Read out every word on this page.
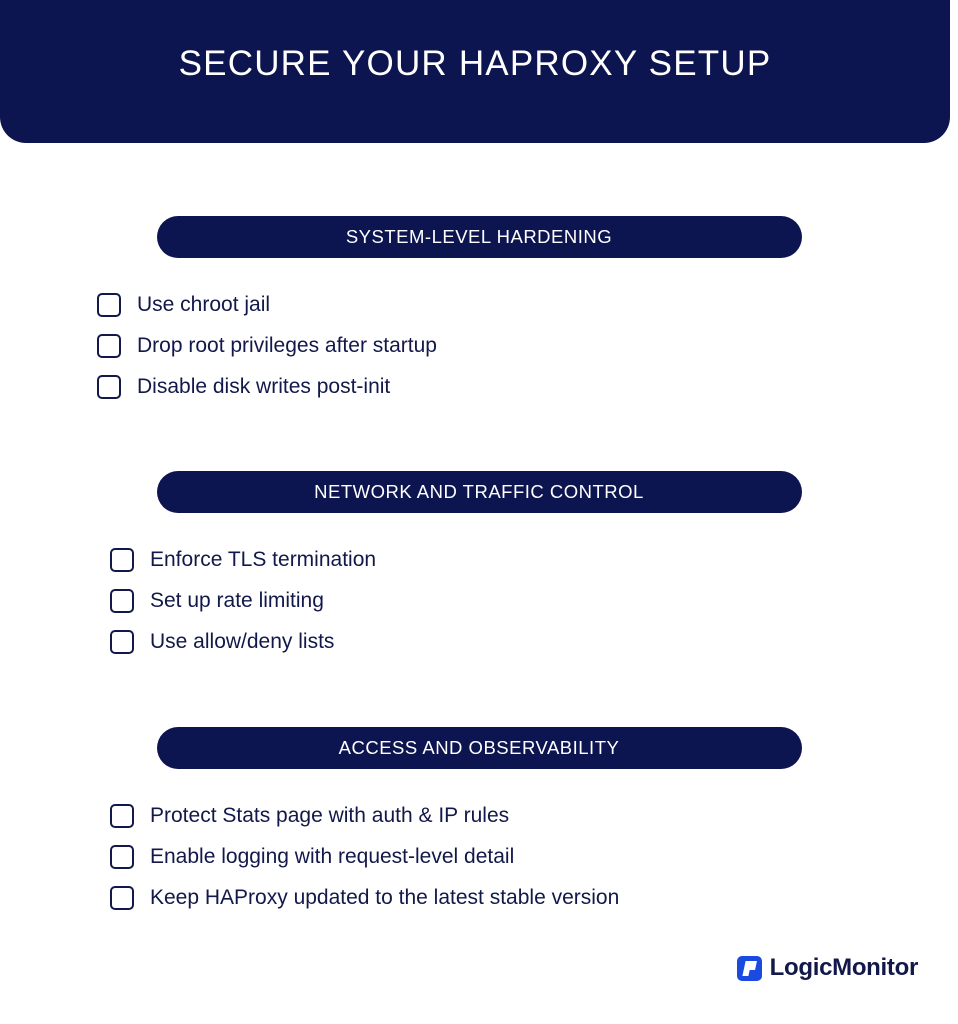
SECURE YOUR HAPROXY SETUP
SYSTEM-LEVEL HARDENING
Use chroot jail
Drop root privileges after startup
Disable disk writes post-init
NETWORK AND TRAFFIC CONTROL
Enforce TLS termination
Set up rate limiting
Use allow/deny lists
ACCESS AND OBSERVABILITY
Protect Stats page with auth & IP rules
Enable logging with request-level detail
Keep HAProxy updated to the latest stable version
LogicMonitor
